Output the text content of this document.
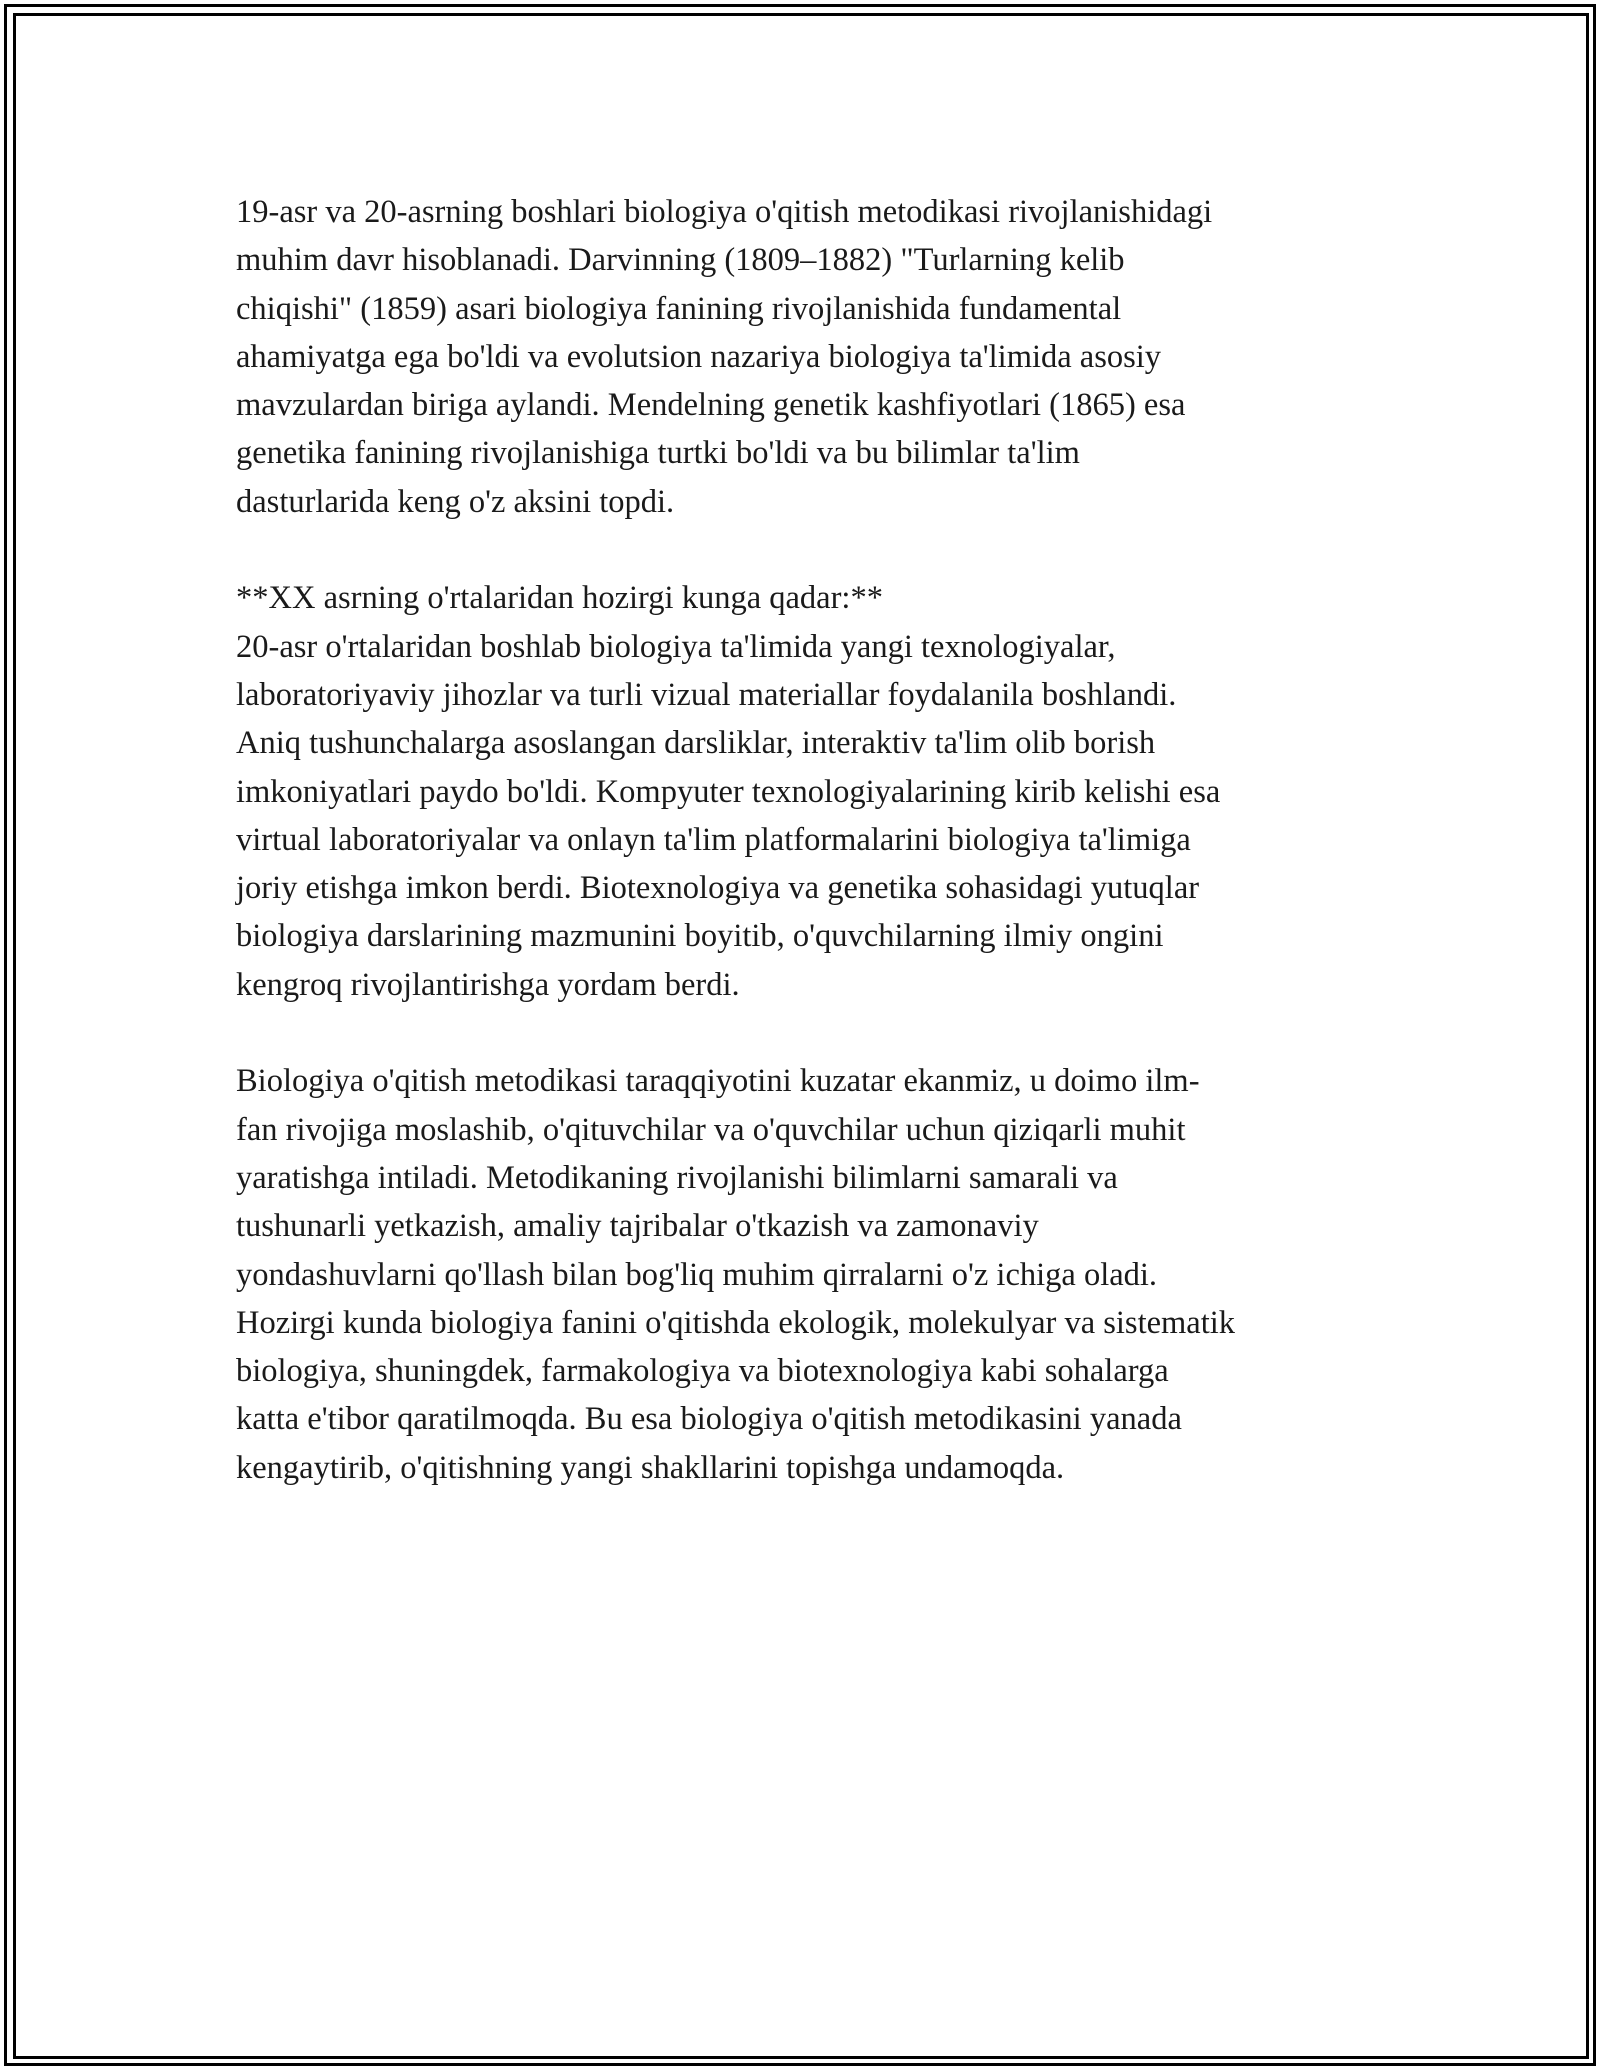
19-asr va 20-asrning boshlari biologiya o'qitish metodikasi rivojlanishidagi
muhim davr hisoblanadi. Darvinning (1809–1882) "Turlarning kelib
chiqishi" (1859) asari biologiya fanining rivojlanishida fundamental
ahamiyatga ega bo'ldi va evolutsion nazariya biologiya ta'limida asosiy
mavzulardan biriga aylandi. Mendelning genetik kashfiyotlari (1865) esa
genetika fanining rivojlanishiga turtki bo'ldi va bu bilimlar ta'lim
dasturlarida keng o'z aksini topdi.
**XX asrning o'rtalaridan hozirgi kunga qadar:**
20-asr o'rtalaridan boshlab biologiya ta'limida yangi texnologiyalar,
laboratoriyaviy jihozlar va turli vizual materiallar foydalanila boshlandi.
Aniq tushunchalarga asoslangan darsliklar, interaktiv ta'lim olib borish
imkoniyatlari paydo bo'ldi. Kompyuter texnologiyalarining kirib kelishi esa
virtual laboratoriyalar va onlayn ta'lim platformalarini biologiya ta'limiga
joriy etishga imkon berdi. Biotexnologiya va genetika sohasidagi yutuqlar
biologiya darslarining mazmunini boyitib, o'quvchilarning ilmiy ongini
kengroq rivojlantirishga yordam berdi.
Biologiya o'qitish metodikasi taraqqiyotini kuzatar ekanmiz, u doimo ilm-
fan rivojiga moslashib, o'qituvchilar va o'quvchilar uchun qiziqarli muhit
yaratishga intiladi. Metodikaning rivojlanishi bilimlarni samarali va
tushunarli yetkazish, amaliy tajribalar o'tkazish va zamonaviy
yondashuvlarni qo'llash bilan bog'liq muhim qirralarni o'z ichiga oladi.
Hozirgi kunda biologiya fanini o'qitishda ekologik, molekulyar va sistematik
biologiya, shuningdek, farmakologiya va biotexnologiya kabi sohalarga
katta e'tibor qaratilmoqda. Bu esa biologiya o'qitish metodikasini yanada
kengaytirib, o'qitishning yangi shakllarini topishga undamoqda.
